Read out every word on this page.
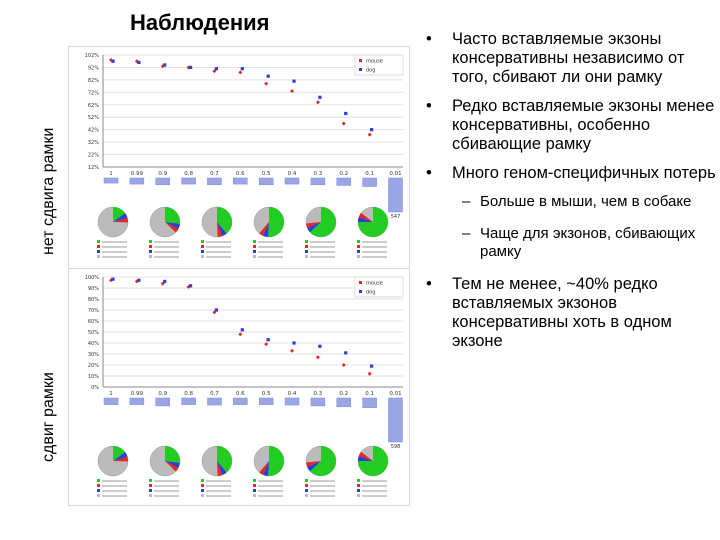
Наблюдения
нет сдвига рамки
сдвиг рамки
102%
92%
82%
72%
62%
52%
42%
32%
22%
12%
mouse
dog
1	0.99	0.9	0.8	0.7	0.6	0.5	0.4	0.3	0.2	0.1	0.01
547
100%
90%
80%
70%
60%
50%
40%
30%
20%
10%
0%
mouse
dog
1	0.99	0.9	0.8	0.7	0.6	0.5	0.4	0.3	0.2	0.1	0.01
598
• Часто вставляемые экзоны консервативны независимо от того, сбивают ли они рамку
• Редко вставляемые экзоны менее консервативны, особенно сбивающие рамку
• Много геном-специфичных потерь
– Больше в мыши, чем в собаке
– Чаще для экзонов, сбивающих рамку
• Тем не менее, ~40% редко вставляемых экзонов консервативны хоть в одном экзоне
